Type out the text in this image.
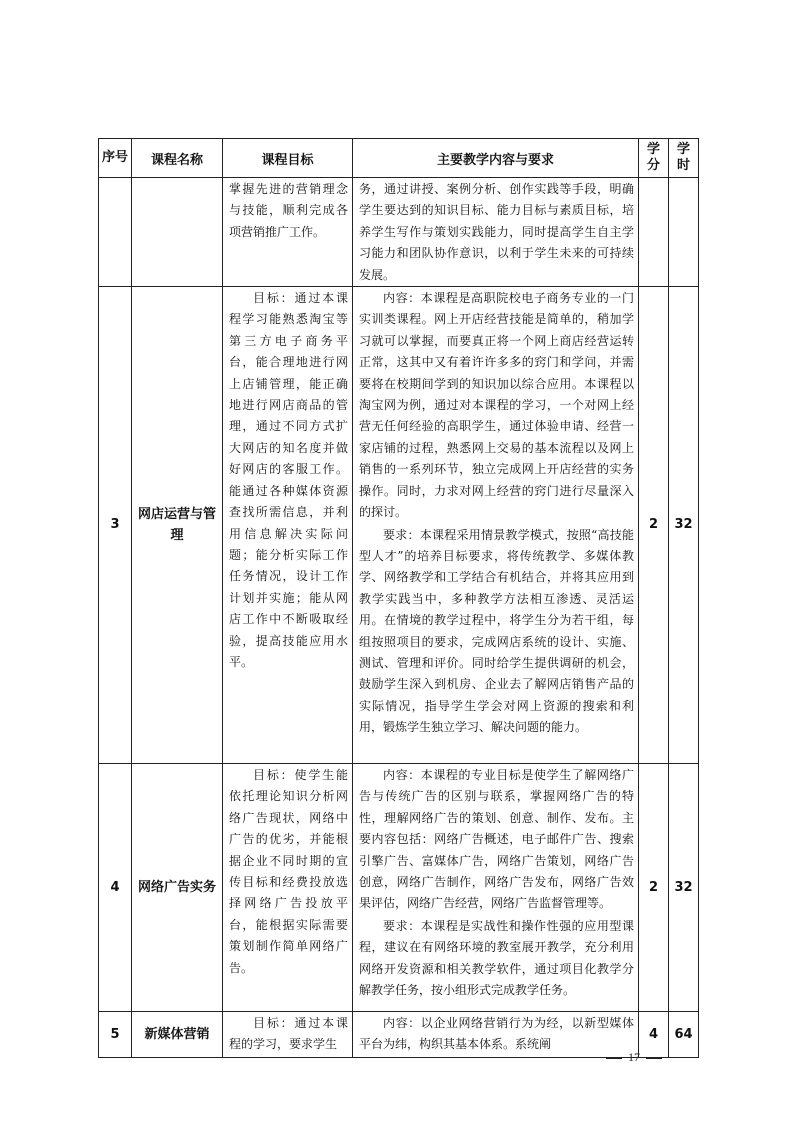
序号	课程名称	课程目标	主要教学内容与要求	学分	学时

		掌握先进的营销理念与技能，顺利完成各项营销推广工作。	务，通过讲授、案例分析、创作实践等手段，明确学生要达到的知识目标、能力目标与素质目标，培养学生写作与策划实践能力，同时提高学生自主学习能力和团队协作意识，以利于学生未来的可持续发展。		

3	网店运营与管理	目标：通过本课程学习能熟悉淘宝等第三方电子商务平台，能合理地进行网上店铺管理，能正确地进行网店商品的管理，通过不同方式扩大网店的知名度并做好网店的客服工作。能通过各种媒体资源查找所需信息，并利用信息解决实际问题；能分析实际工作任务情况，设计工作计划并实施；能从网店工作中不断吸取经验，提高技能应用水平。	内容：本课程是高职院校电子商务专业的一门实训类课程。网上开店经营技能是简单的，稍加学习就可以掌握，而要真正将一个网上商店经营运转正常，这其中又有着许许多多的窍门和学问，并需要将在校期间学到的知识加以综合应用。本课程以淘宝网为例，通过对本课程的学习，一个对网上经营无任何经验的高职学生，通过体验申请、经营一家店铺的过程，熟悉网上交易的基本流程以及网上销售的一系列环节，独立完成网上开店经营的实务操作。同时，力求对网上经营的窍门进行尽量深入的探讨。
要求：本课程采用情景教学模式，按照“高技能型人才”的培养目标要求，将传统教学、多媒体教学、网络教学和工学结合有机结合，并将其应用到教学实践当中，多种教学方法相互渗透、灵活运用。在情境的教学过程中，将学生分为若干组，每组按照项目的要求，完成网店系统的设计、实施、测试、管理和评价。同时给学生提供调研的机会，鼓励学生深入到机房、企业去了解网店销售产品的实际情况，指导学生学会对网上资源的搜索和利用，锻炼学生独立学习、解决问题的能力。	2	32
4	网络广告实务	目标：使学生能依托理论知识分析网络广告现状，网络中广告的优劣，并能根据企业不同时期的宣传目标和经费投放选择网络广告投放平台，能根据实际需要策划制作简单网络广告。	内容：本课程的专业目标是使学生了解网络广告与传统广告的区别与联系，掌握网络广告的特性，理解网络广告的策划、创意、制作、发布。主要内容包括：网络广告概述，电子邮件广告、搜索引擎广告、富媒体广告，网络广告策划，网络广告创意，网络广告制作，网络广告发布，网络广告效果评估，网络广告经营，网络广告监督管理等。
要求：本课程是实战性和操作性强的应用型课程，建议在有网络环境的教室展开教学，充分利用网络开发资源和相关教学软件，通过项目化教学分解教学任务，按小组形式完成教学任务。	2	32
5	新媒体营销	目标：通过本课程的学习，要求学生	内容：以企业网络营销行为为经，以新型媒体平台为纬，构织其基本体系。系统阐	4	64
17
